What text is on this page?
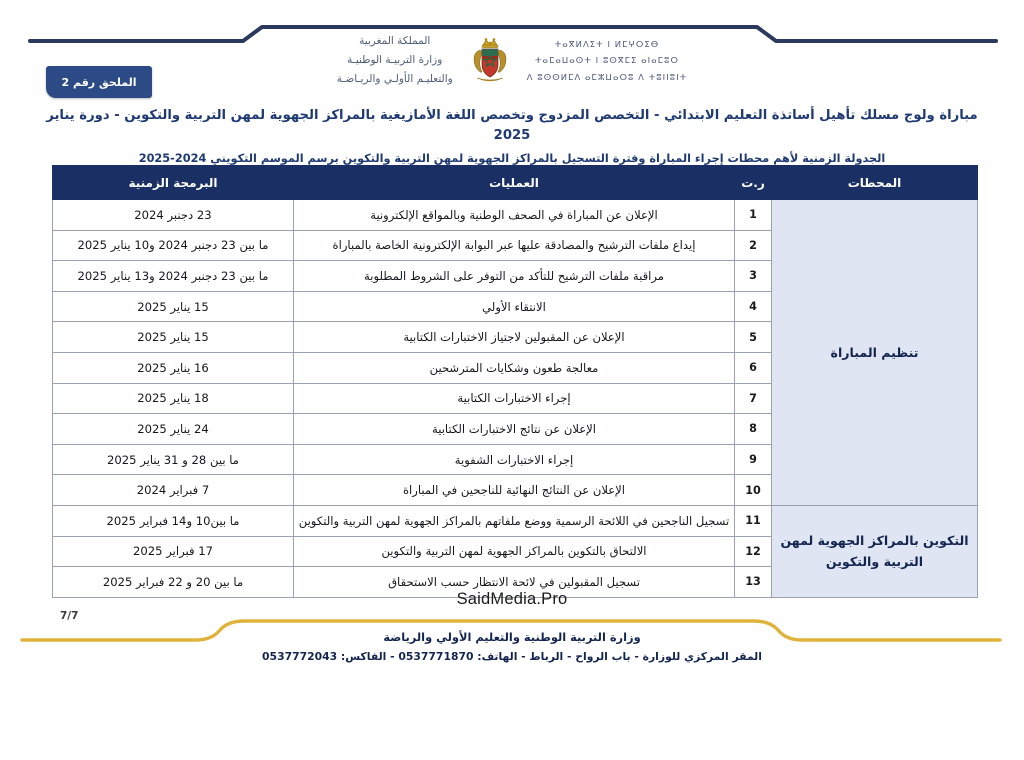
الملحق رقم 2
ⵜⴰⴳⵍⴷⵉⵜ ⵏ ⵍⵎⵖⵔⵉⴱ
ⵜⴰⵎⴰⵡⴰⵙⵜ ⵏ ⵓⵙⴳⵎⵉ ⴰⵏⴰⵎⵓⵔ
ⴷ ⵓⵙⵙⵍⵎⴷ ⴰⵎⵣⵡⴰⵔⵓ ⴷ ⵜⵓⵏⵏⵓⵏⵜ
المملكة المغربية
وزارة التربيـة الوطنيـة
والتعليـم الأولـي والريـاضـة
مباراة ولوج مسلك تأهيل أساتذة التعليم الابتدائي - التخصص المزدوج وتخصص اللغة الأمازيغية بالمراكز الجهوية لمهن التربية والتكوين - دورة يناير 2025
الجدولة الزمنية لأهم محطات إجراء المباراة وفترة التسجيل بالمراكز الجهوية لمهن التربية والتكوين برسم الموسم التكويني 2024-2025
المحطات	ر.ت	العمليات	البرمجة الزمنية
تنظيم المباراة	1	الإعلان عن المباراة في الصحف الوطنية وبالمواقع الإلكترونية	23 دجنبر 2024
	2	إيداع ملفات الترشيح والمصادقة عليها عبر البوابة الإلكترونية الخاصة بالمباراة	ما بين 23 دجنبر 2024 و10 يناير 2025
	3	مراقبة ملفات الترشيح للتأكد من التوفر على الشروط المطلوبة	ما بين 23 دجنبر 2024 و13 يناير 2025
	4	الانتقاء الأولي	15 يناير 2025
	5	الإعلان عن المقبولين لاجتياز الاختبارات الكتابية	15 يناير 2025
	6	معالجة طعون وشكايات المترشحين	16 يناير 2025
	7	إجراء الاختبارات الكتابية	18 يناير 2025
	8	الإعلان عن نتائج الاختبارات الكتابية	24 يناير 2025
	9	إجراء الاختبارات الشفوية	ما بين 28 و 31 يناير 2025
	10	الإعلان عن النتائج النهائية للناجحين في المباراة	7 فبراير 2024
التكوين بالمراكز الجهوية لمهن التربية والتكوين	11	تسجيل الناجحين في اللائحة الرسمية ووضع ملفاتهم بالمراكز الجهوية لمهن التربية والتكوين	ما بين10 و14 فبراير 2025
	12	الالتحاق بالتكوين بالمراكز الجهوية لمهن التربية والتكوين	17 فبراير 2025
	13	تسجيل المقبولين في لائحة الانتظار حسب الاستحقاق	ما بين 20 و 22 فبراير 2025
SaidMedia.Pro
7/7
وزارة التربية الوطنية والتعليم الأولي والرياضة
المقر المركزي للوزارة - باب الرواح - الرباط - الهاتف: 0537771870 - الفاكس: 0537772043
